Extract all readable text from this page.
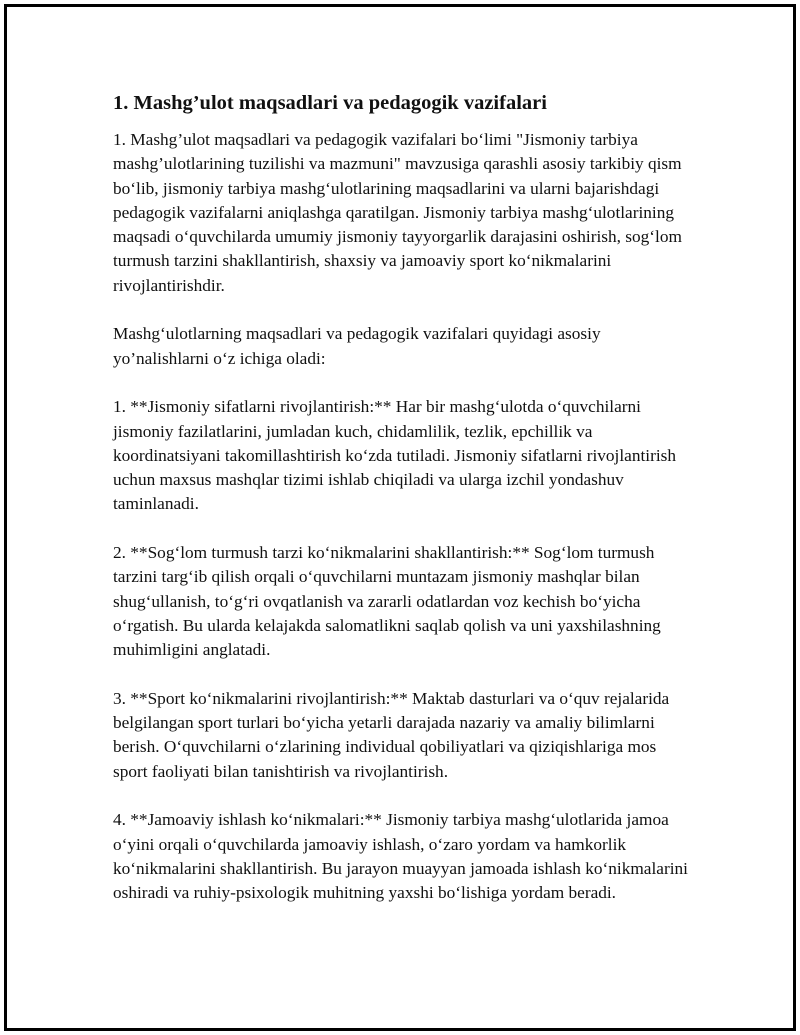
1. Mashg’ulot maqsadlari va pedagogik vazifalari

1. Mashg’ulot maqsadlari va pedagogik vazifalari bo‘limi "Jismoniy tarbiya mashg’ulotlarining tuzilishi va mazmuni" mavzusiga qarashli asosiy tarkibiy qism bo‘lib, jismoniy tarbiya mashg‘ulotlarining maqsadlarini va ularni bajarishdagi pedagogik vazifalarni aniqlashga qaratilgan. Jismoniy tarbiya mashg‘ulotlarining maqsadi o‘quvchilarda umumiy jismoniy tayyorgarlik darajasini oshirish, sog‘lom turmush tarzini shakllantirish, shaxsiy va jamoaviy sport ko‘nikmalarini rivojlantirishdir.

Mashg‘ulotlarning maqsadlari va pedagogik vazifalari quyidagi asosiy yo’nalishlarni o‘z ichiga oladi:

1. **Jismoniy sifatlarni rivojlantirish:** Har bir mashg‘ulotda o‘quvchilarni jismoniy fazilatlarini, jumladan kuch, chidamlilik, tezlik, epchillik va koordinatsiyani takomillashtirish ko‘zda tutiladi. Jismoniy sifatlarni rivojlantirish uchun maxsus mashqlar tizimi ishlab chiqiladi va ularga izchil yondashuv taminlanadi.

2. **Sog‘lom turmush tarzi ko‘nikmalarini shakllantirish:** Sog‘lom turmush tarzini targ‘ib qilish orqali o‘quvchilarni muntazam jismoniy mashqlar bilan shug‘ullanish, to‘g‘ri ovqatlanish va zararli odatlardan voz kechish bo‘yicha o‘rgatish. Bu ularda kelajakda salomatlikni saqlab qolish va uni yaxshilashning muhimligini anglatadi.

3. **Sport ko‘nikmalarini rivojlantirish:** Maktab dasturlari va o‘quv rejalarida belgilangan sport turlari bo‘yicha yetarli darajada nazariy va amaliy bilimlarni berish. O‘quvchilarni o‘zlarining individual qobiliyatlari va qiziqishlariga mos sport faoliyati bilan tanishtirish va rivojlantirish.

4. **Jamoaviy ishlash ko‘nikmalari:** Jismoniy tarbiya mashg‘ulotlarida jamoa o‘yini orqali o‘quvchilarda jamoaviy ishlash, o‘zaro yordam va hamkorlik ko‘nikmalarini shakllantirish. Bu jarayon muayyan jamoada ishlash ko‘nikmalarini oshiradi va ruhiy-psixologik muhitning yaxshi bo‘lishiga yordam beradi.
